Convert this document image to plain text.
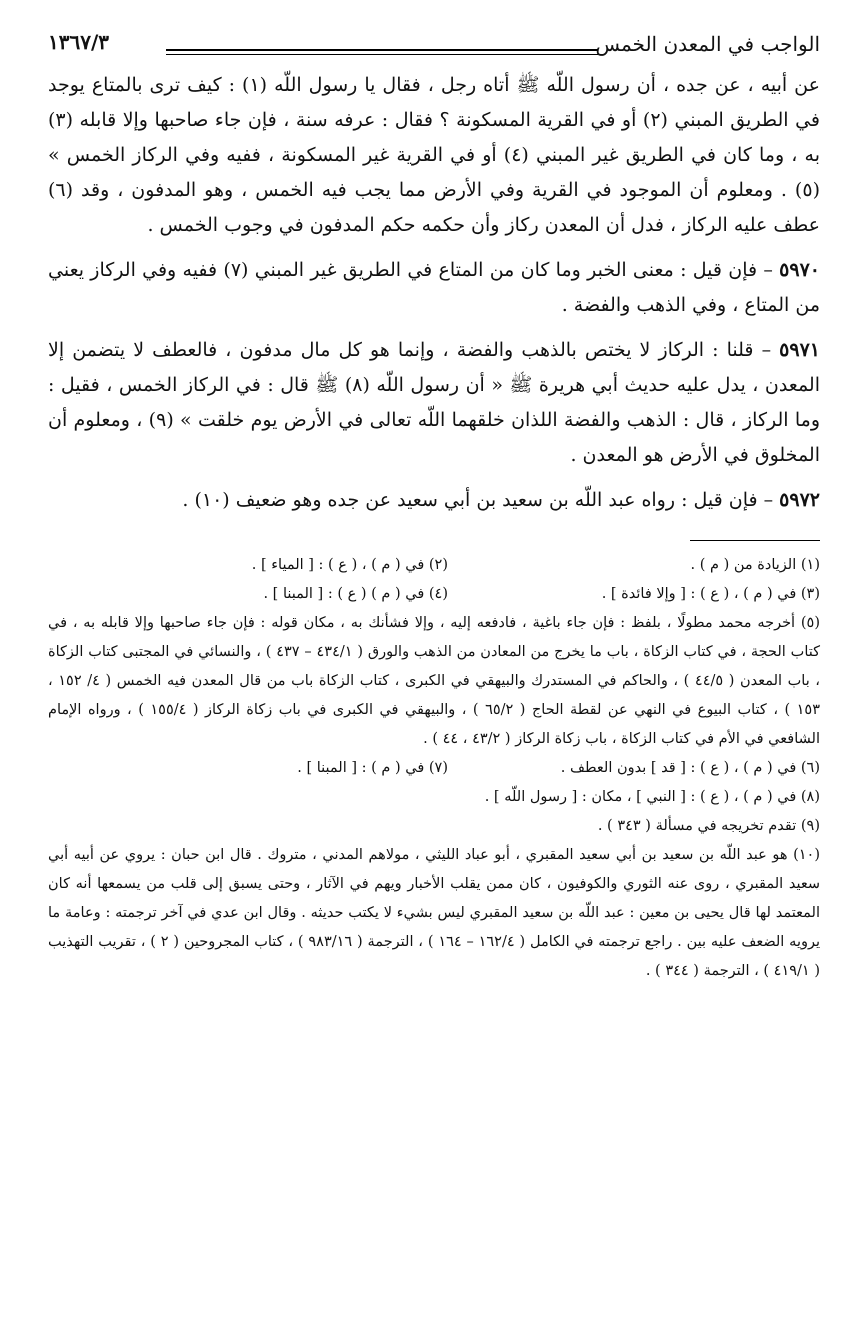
الواجب في المعدن الخمس
١٣٦٧/٣

عن أبيه ، عن جده ، أن رسول اللّه ﷺ أتاه رجل ، فقال يا رسول اللّه (١) : كيف ترى بالمتاع يوجد في الطريق المبني (٢) أو في القرية المسكونة ؟ فقال : عرفه سنة ، فإن جاء صاحبها وإلا قابله (٣) به ، وما كان في الطريق غير المبني (٤) أو في القرية غير المسكونة ، ففيه وفي الركاز الخمس » (٥) . ومعلوم أن الموجود في القرية وفي الأرض مما يجب فيه الخمس ، وهو المدفون ، وقد (٦) عطف عليه الركاز ، فدل أن المعدن ركاز وأن حكمه حكم المدفون في وجوب الخمس .

٥٩٧٠ – فإن قيل : معنى الخبر وما كان من المتاع في الطريق غير المبني (٧) ففيه وفي الركاز يعني من المتاع ، وفي الذهب والفضة .

٥٩٧١ – قلنا : الركاز لا يختص بالذهب والفضة ، وإنما هو كل مال مدفون ، فالعطف لا يتضمن إلا المعدن ، يدل عليه حديث أبي هريرة ﷺ « أن رسول اللّه (٨) ﷺ قال : في الركاز الخمس ، فقيل : وما الركاز ، قال : الذهب والفضة اللذان خلقهما اللّه تعالى في الأرض يوم خلقت » (٩) ، ومعلوم أن المخلوق في الأرض هو المعدن .

٥٩٧٢ – فإن قيل : رواه عبد اللّه بن سعيد بن أبي سعيد عن جده وهو ضعيف (١٠) .

(١) الزيادة من ( م ) .
(٢) في ( م ) ، ( ع ) : [ المياء ] .
(٣) في ( م ) ، ( ع ) : [ وإلا فائدة ] .
(٤) في ( م ) ( ع ) : [ المبنا ] .

(٥) أخرجه محمد مطولًا ، بلفظ : فإن جاء باغية ، فادفعه إليه ، وإلا فشأنك به ، مكان قوله : فإن جاء صاحبها وإلا قابله به ، في كتاب الحجة ، في كتاب الزكاة ، باب ما يخرج من المعادن من الذهب والورق ( ٤٣٤/١ – ٤٣٧ ) ، والنسائي في المجتبى كتاب الزكاة ، باب المعدن ( ٤٤/٥ ) ، والحاكم في المستدرك والبيهقي في الكبرى ، كتاب الزكاة باب من قال المعدن فيه الخمس ( ٤/ ١٥٢ ، ١٥٣ ) ، كتاب البيوع في النهي عن لقطة الحاج ( ٦٥/٢ ) ، والبيهقي في الكبرى في باب زكاة الركاز ( ١٥٥/٤ ) ، ورواه الإمام الشافعي في الأم في كتاب الزكاة ، باب زكاة الركاز ( ٤٣/٢ ، ٤٤ ) .

(٦) في ( م ) ، ( ع ) : [ قد ] بدون العطف .
(٧) في ( م ) : [ المبنا ] .

(٨) في ( م ) ، ( ع ) : [ النبي ] ، مكان : [ رسول اللّه ] .

(٩) تقدم تخريجه في مسألة ( ٣٤٣ ) .

(١٠) هو عبد اللّه بن سعيد بن أبي سعيد المقبري ، أبو عباد الليثي ، مولاهم المدني ، متروك . قال ابن حبان : يروي عن أبيه أبي سعيد المقبري ، روى عنه الثوري والكوفيون ، كان ممن يقلب الأخبار ويهم في الآثار ، وحتى يسبق إلى قلب من يسمعها أنه كان المعتمد لها قال يحيى بن معين : عبد اللّه بن سعيد المقبري ليس بشيء لا يكتب حديثه . وقال ابن عدي في آخر ترجمته : وعامة ما يرويه الضعف عليه بين . راجع ترجمته في الكامل ( ١٦٢/٤ – ١٦٤ ) ، الترجمة ( ٩٨٣/١٦ ) ، كتاب المجروحين ( ٢ ) ، تقريب التهذيب ( ٤١٩/١ ) ، الترجمة ( ٣٤٤ ) .
